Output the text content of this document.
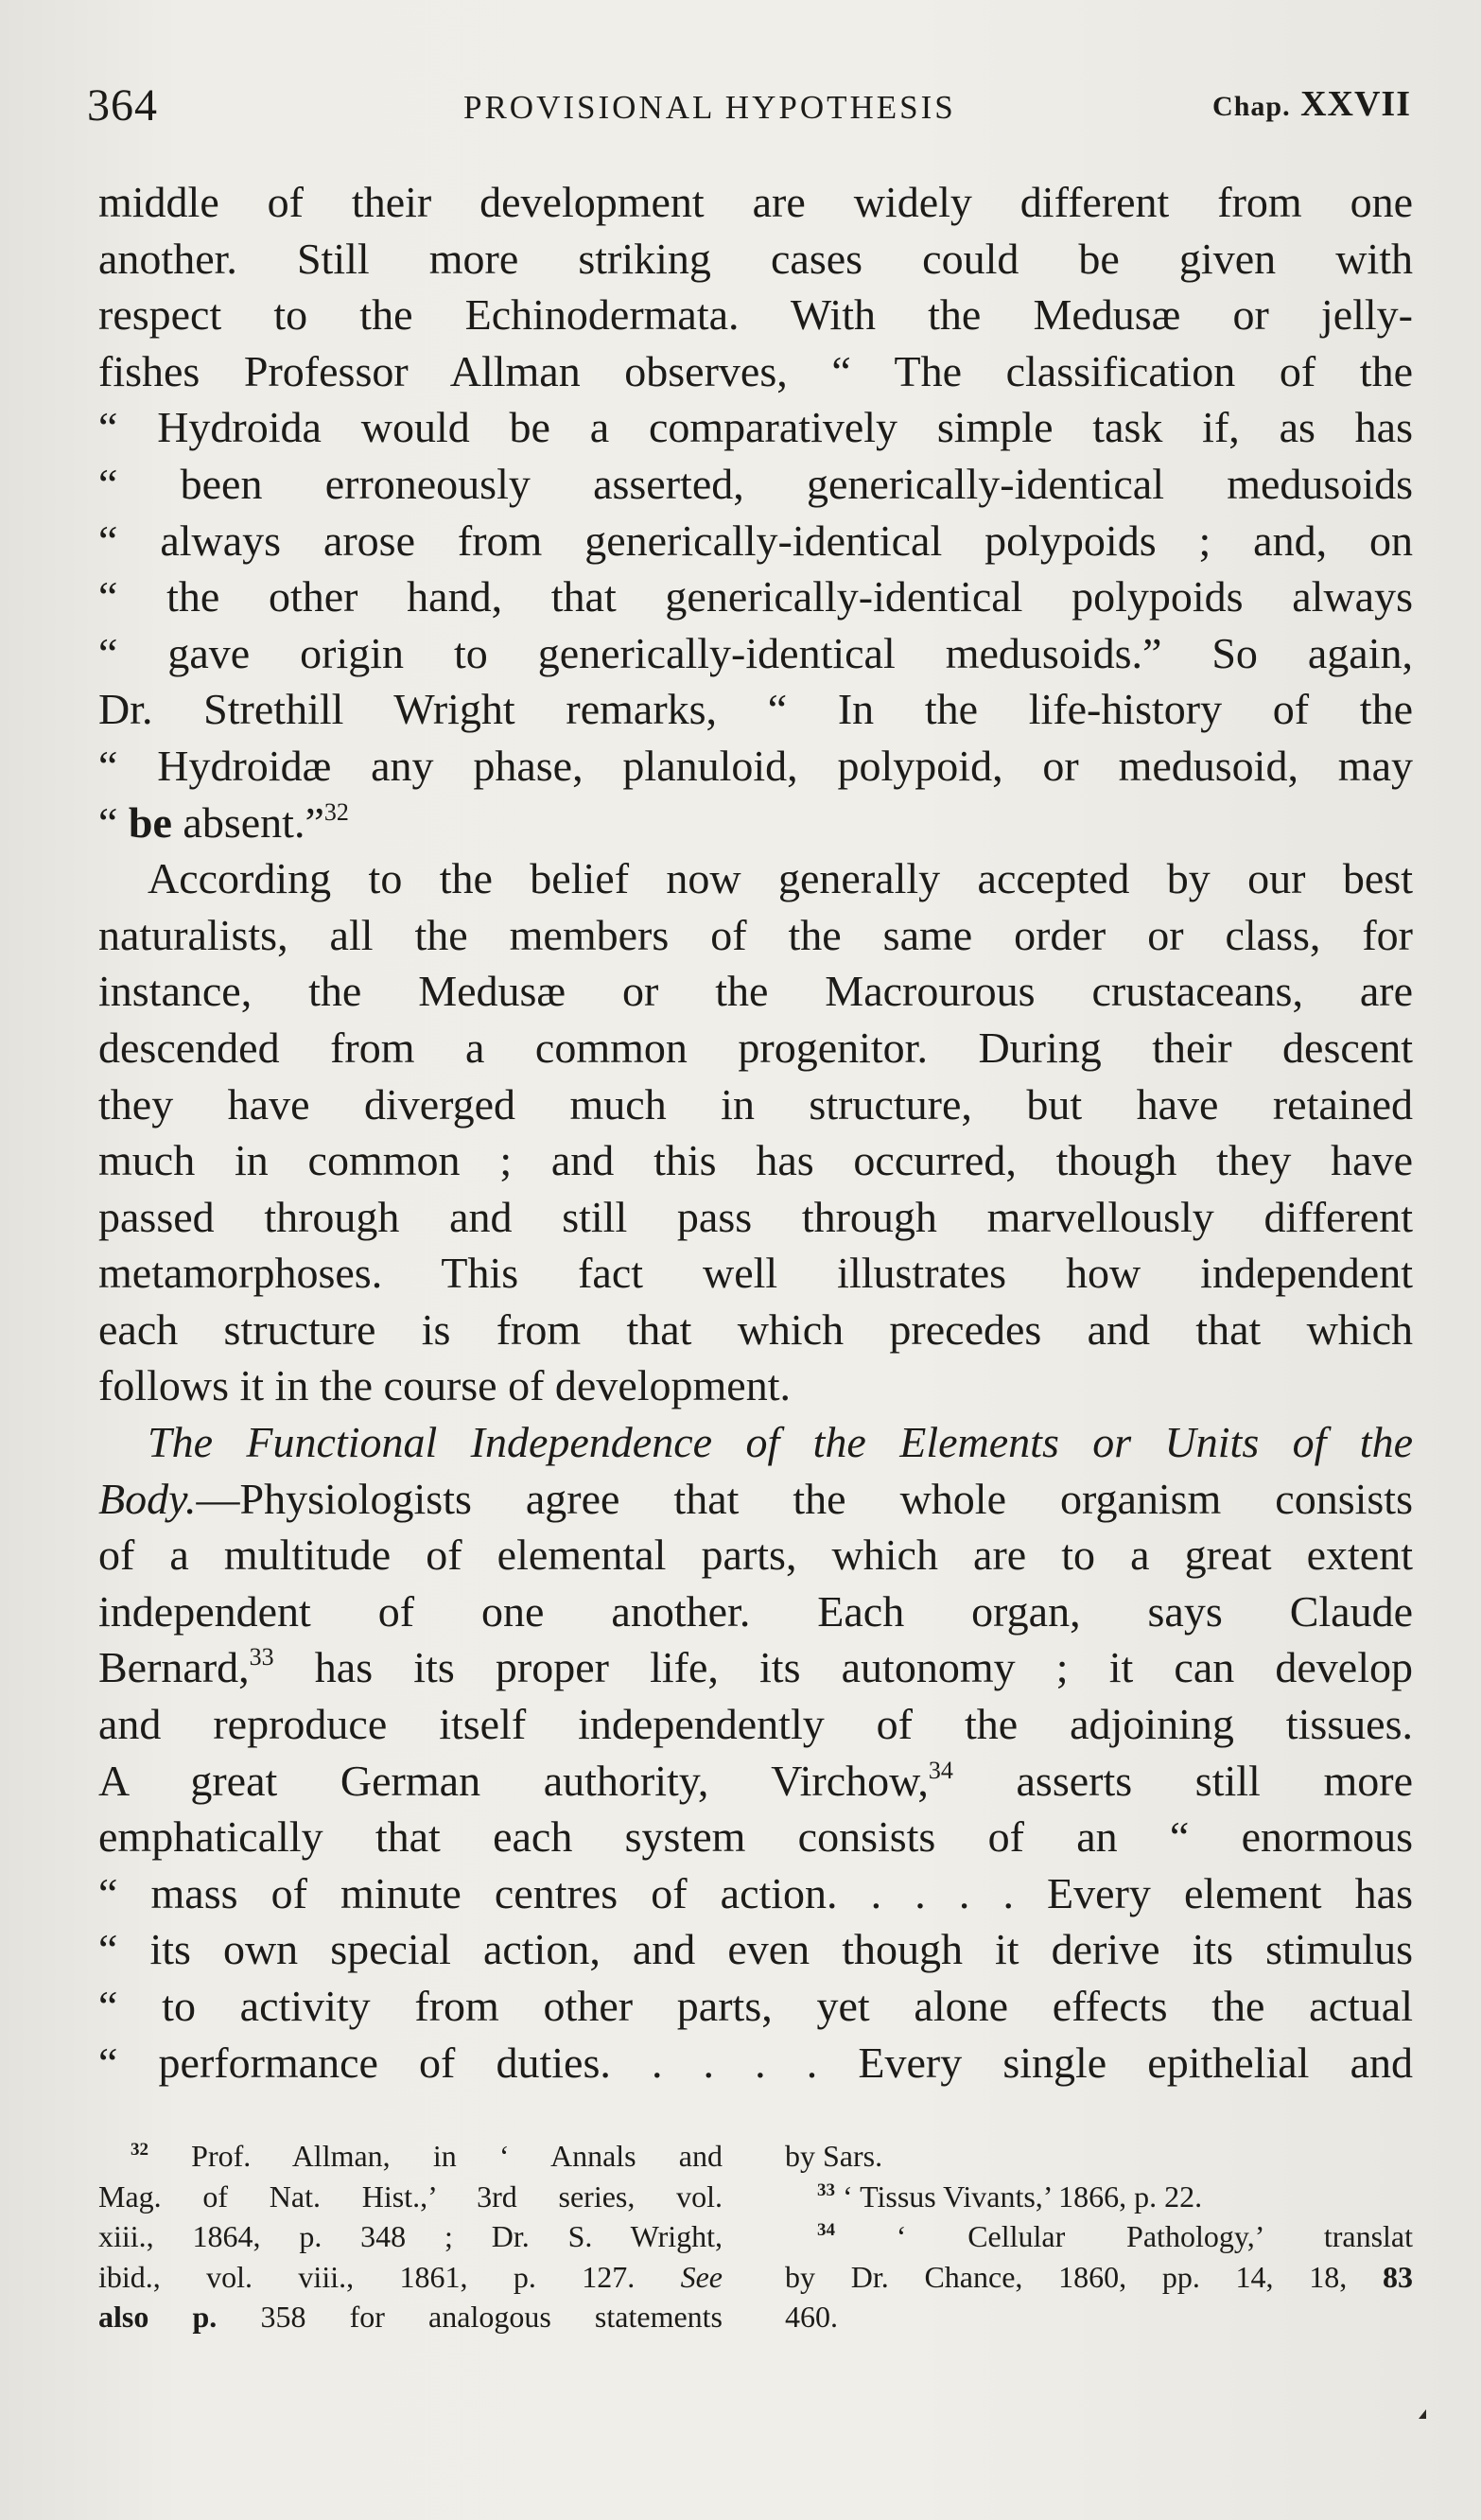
364	PROVISIONAL HYPOTHESIS	Chap. XXVII
middle of their development are widely different from one
another. Still more striking cases could be given with
respect to the Echinodermata. With the Medusæ or jelly-
fishes Professor Allman observes, “ The classification of the
“ Hydroida would be a comparatively simple task if, as has
“ been erroneously asserted, generically-identical medusoids
“ always arose from generically-identical polypoids ; and, on
“ the other hand, that generically-identical polypoids always
“ gave origin to generically-identical medusoids.” So again,
Dr. Strethill Wright remarks, “ In the life-history of the
“ Hydroidæ any phase, planuloid, polypoid, or medusoid, may
“ be absent.”$^{32}$
According to the belief now generally accepted by our best
naturalists, all the members of the same order or class, for
instance, the Medusæ or the Macrourous crustaceans, are
descended from a common progenitor. During their descent
they have diverged much in structure, but have retained
much in common ; and this has occurred, though they have
passed through and still pass through marvellously different
metamorphoses. This fact well illustrates how independent
each structure is from that which precedes and that which
follows it in the course of development.
The Functional Independence of the Elements or Units of the
Body.—Physiologists agree that the whole organism consists
of a multitude of elemental parts, which are to a great extent
independent of one another. Each organ, says Claude
Bernard,$^{33}$ has its proper life, its autonomy ; it can develop
and reproduce itself independently of the adjoining tissues.
A great German authority, Virchow,$^{34}$ asserts still more
emphatically that each system consists of an “ enormous
“ mass of minute centres of action. . . . . Every element has
“ its own special action, and even though it derive its stimulus
“ to activity from other parts, yet alone effects the actual
“ performance of duties. . . . . Every single epithelial and
$^{32}$ Prof. Allman, in ‘ Annals and
Mag. of Nat. Hist.,’ 3rd series, vol.
xiii., 1864, p. 348 ; Dr. S. Wright,
ibid., vol. viii., 1861, p. 127. See
also p. 358 for analogous statements
by Sars.
$^{33}$ ‘ Tissus Vivants,’ 1866, p. 22.
$^{34}$ ‘ Cellular Pathology,’ translat
by Dr. Chance, 1860, pp. 14, 18, 83
460.
